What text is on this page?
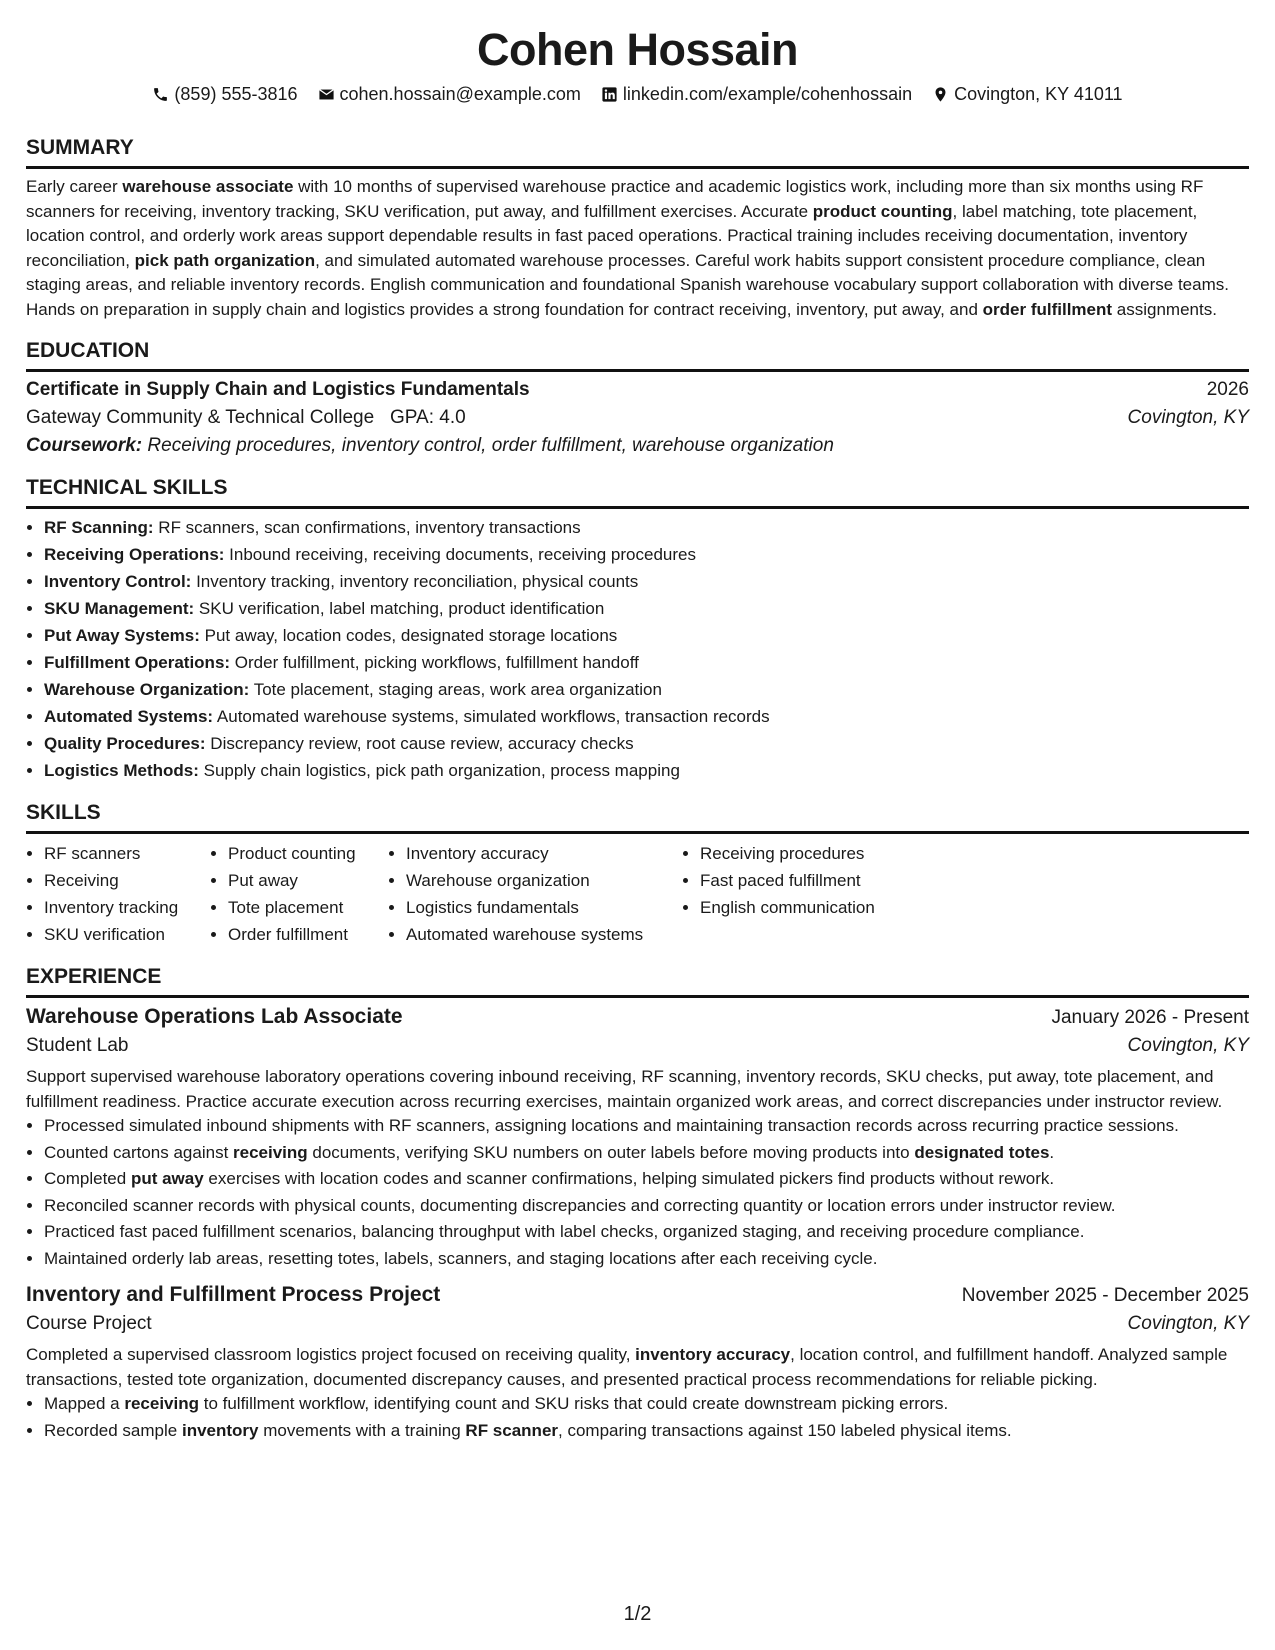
Cohen Hossain
(859) 555-3816 cohen.hossain@example.com linkedin.com/example/cohenhossain Covington, KY 41011
SUMMARY

Early career warehouse associate with 10 months of supervised warehouse practice and academic logistics work, including more than six months using RF scanners for receiving, inventory tracking, SKU verification, put away, and fulfillment exercises. Accurate product counting, label matching, tote placement, location control, and orderly work areas support dependable results in fast paced operations. Practical training includes receiving documentation, inventory reconciliation, pick path organization, and simulated automated warehouse processes. Careful work habits support consistent procedure compliance, clean staging areas, and reliable inventory records. English communication and foundational Spanish warehouse vocabulary support collaboration with diverse teams. Hands on preparation in supply chain and logistics provides a strong foundation for contract receiving, inventory, put away, and order fulfillment assignments.

EDUCATION
Certificate in Supply Chain and Logistics Fundamentals	2026
Gateway Community & Technical College GPA: 4.0	Covington, KY
Coursework: Receiving procedures, inventory control, order fulfillment, warehouse organization
TECHNICAL SKILLS
• RF Scanning: RF scanners, scan confirmations, inventory transactions
• Receiving Operations: Inbound receiving, receiving documents, receiving procedures
• Inventory Control: Inventory tracking, inventory reconciliation, physical counts
• SKU Management: SKU verification, label matching, product identification
• Put Away Systems: Put away, location codes, designated storage locations
• Fulfillment Operations: Order fulfillment, picking workflows, fulfillment handoff
• Warehouse Organization: Tote placement, staging areas, work area organization
• Automated Systems: Automated warehouse systems, simulated workflows, transaction records
• Quality Procedures: Discrepancy review, root cause review, accuracy checks
• Logistics Methods: Supply chain logistics, pick path organization, process mapping
SKILLS
• RF scanners
• Receiving
• Inventory tracking
• SKU verification
• Product counting
• Put away
• Tote placement
• Order fulfillment
• Inventory accuracy
• Warehouse organization
• Logistics fundamentals
• Automated warehouse systems
• Receiving procedures
• Fast paced fulfillment
• English communication
EXPERIENCE
Warehouse Operations Lab Associate	January 2026 - Present
Student Lab	Covington, KY

Support supervised warehouse laboratory operations covering inbound receiving, RF scanning, inventory records, SKU checks, put away, tote placement, and fulfillment readiness. Practice accurate execution across recurring exercises, maintain organized work areas, and correct discrepancies under instructor review.

• Processed simulated inbound shipments with RF scanners, assigning locations and maintaining transaction records across recurring practice sessions.
• Counted cartons against receiving documents, verifying SKU numbers on outer labels before moving products into designated totes.
• Completed put away exercises with location codes and scanner confirmations, helping simulated pickers find products without rework.
• Reconciled scanner records with physical counts, documenting discrepancies and correcting quantity or location errors under instructor review.
• Practiced fast paced fulfillment scenarios, balancing throughput with label checks, organized staging, and receiving procedure compliance.
• Maintained orderly lab areas, resetting totes, labels, scanners, and staging locations after each receiving cycle.
Inventory and Fulfillment Process Project	November 2025 - December 2025
Course Project	Covington, KY

Completed a supervised classroom logistics project focused on receiving quality, inventory accuracy, location control, and fulfillment handoff. Analyzed sample transactions, tested tote organization, documented discrepancy causes, and presented practical process recommendations for reliable picking.

• Mapped a receiving to fulfillment workflow, identifying count and SKU risks that could create downstream picking errors.
• Recorded sample inventory movements with a training RF scanner, comparing transactions against 150 labeled physical items.
1/2
